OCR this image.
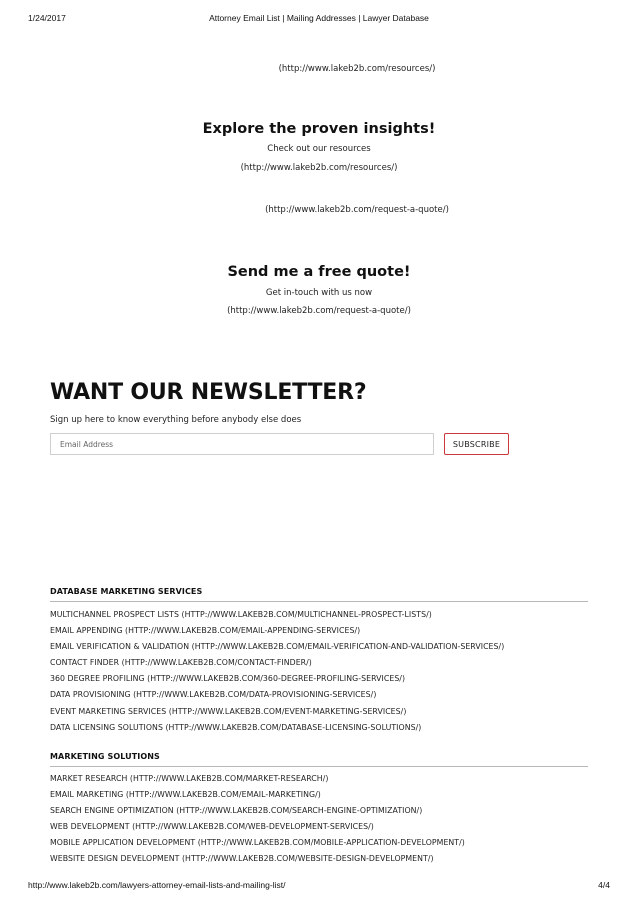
1/24/2017	Attorney Email List | Mailing Addresses | Lawyer Database
(http://www.lakeb2b.com/resources/)
Explore the proven insights!
Check out our resources
(http://www.lakeb2b.com/resources/)
(http://www.lakeb2b.com/request-a-quote/)
Send me a free quote!
Get in-touch with us now
(http://www.lakeb2b.com/request-a-quote/)
WANT OUR NEWSLETTER?
Sign up here to know everything before anybody else does
Email Address
SUBSCRIBE
DATABASE MARKETING SERVICES
MULTICHANNEL PROSPECT LISTS (HTTP://WWW.LAKEB2B.COM/MULTICHANNEL-PROSPECT-LISTS/)
EMAIL APPENDING (HTTP://WWW.LAKEB2B.COM/EMAIL-APPENDING-SERVICES/)
EMAIL VERIFICATION & VALIDATION (HTTP://WWW.LAKEB2B.COM/EMAIL-VERIFICATION-AND-VALIDATION-SERVICES/)
CONTACT FINDER (HTTP://WWW.LAKEB2B.COM/CONTACT-FINDER/)
360 DEGREE PROFILING (HTTP://WWW.LAKEB2B.COM/360-DEGREE-PROFILING-SERVICES/)
DATA PROVISIONING (HTTP://WWW.LAKEB2B.COM/DATA-PROVISIONING-SERVICES/)
EVENT MARKETING SERVICES (HTTP://WWW.LAKEB2B.COM/EVENT-MARKETING-SERVICES/)
DATA LICENSING SOLUTIONS (HTTP://WWW.LAKEB2B.COM/DATABASE-LICENSING-SOLUTIONS/)
MARKETING SOLUTIONS
MARKET RESEARCH (HTTP://WWW.LAKEB2B.COM/MARKET-RESEARCH/)
EMAIL MARKETING (HTTP://WWW.LAKEB2B.COM/EMAIL-MARKETING/)
SEARCH ENGINE OPTIMIZATION (HTTP://WWW.LAKEB2B.COM/SEARCH-ENGINE-OPTIMIZATION/)
WEB DEVELOPMENT (HTTP://WWW.LAKEB2B.COM/WEB-DEVELOPMENT-SERVICES/)
MOBILE APPLICATION DEVELOPMENT (HTTP://WWW.LAKEB2B.COM/MOBILE-APPLICATION-DEVELOPMENT/)
WEBSITE DESIGN DEVELOPMENT (HTTP://WWW.LAKEB2B.COM/WEBSITE-DESIGN-DEVELOPMENT/)
http://www.lakeb2b.com/lawyers-attorney-email-lists-and-mailing-list/	4/4
